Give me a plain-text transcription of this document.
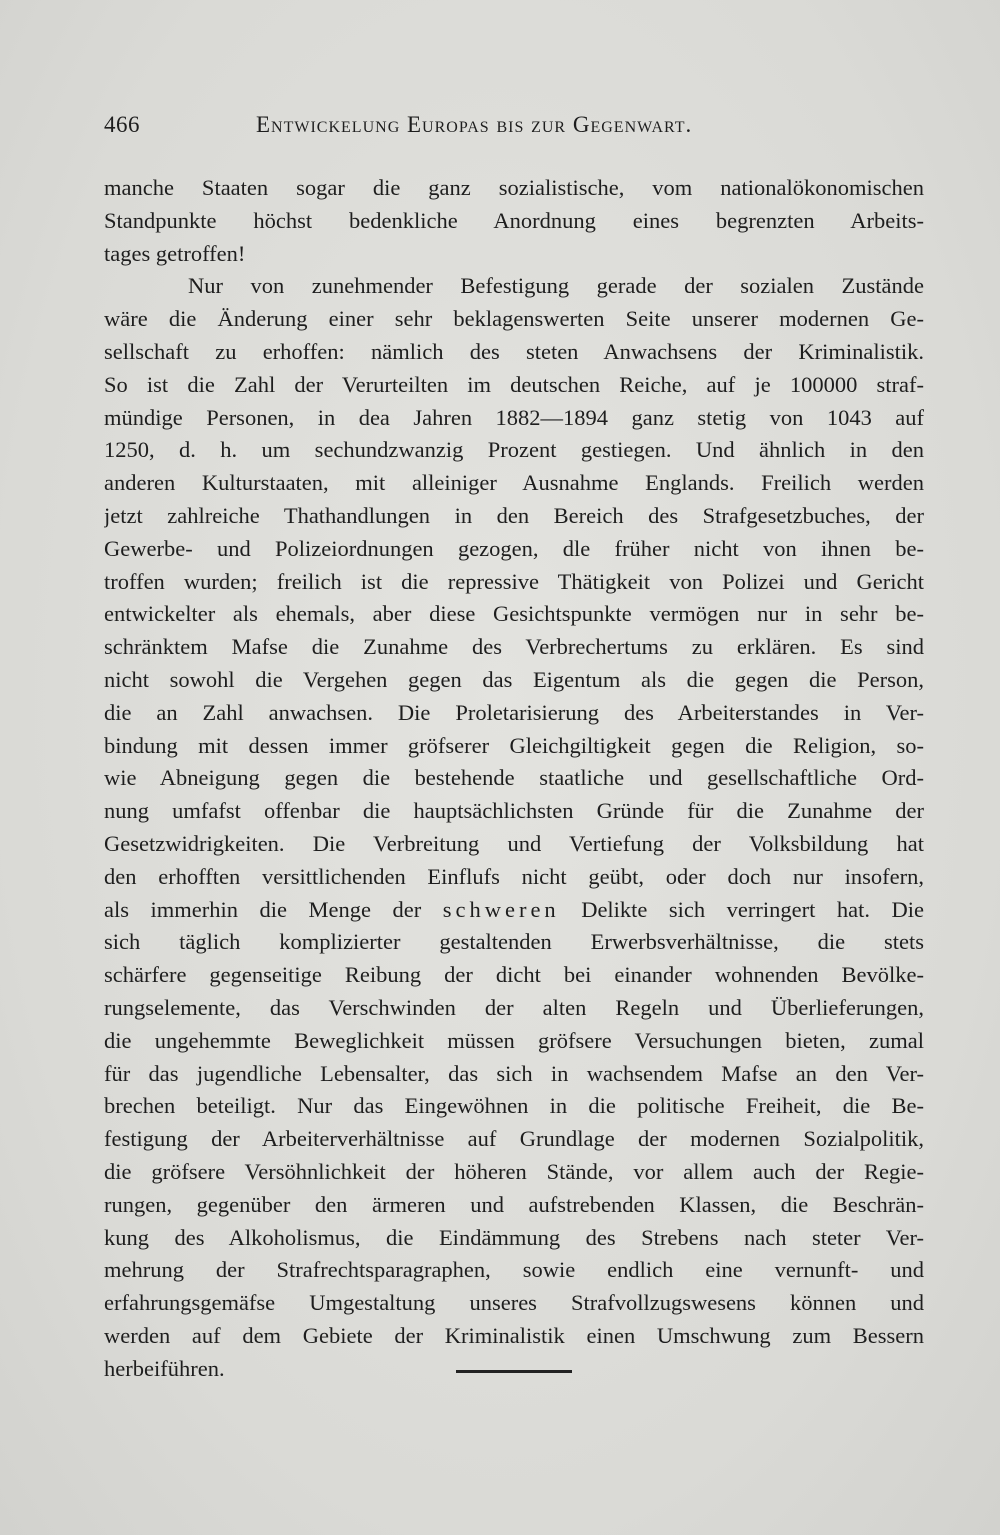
466	Entwickelung Europas bis zur Gegenwart.
manche Staaten sogar die ganz sozialistische, vom nationalökonomischen
Standpunkte höchst bedenkliche Anordnung eines begrenzten Arbeits-
tages getroffen!
Nur von zunehmender Befestigung gerade der sozialen Zustände
wäre die Änderung einer sehr beklagenswerten Seite unserer modernen Ge-
sellschaft zu erhoffen: nämlich des steten Anwachsens der Kriminalistik.
So ist die Zahl der Verurteilten im deutschen Reiche, auf je 100000 straf-
mündige Personen, in dea Jahren 1882—1894 ganz stetig von 1043 auf
1250, d. h. um sechundzwanzig Prozent gestiegen. Und ähnlich in den
anderen Kulturstaaten, mit alleiniger Ausnahme Englands. Freilich werden
jetzt zahlreiche Thathandlungen in den Bereich des Strafgesetzbuches, der
Gewerbe- und Polizeiordnungen gezogen, dle früher nicht von ihnen be-
troffen wurden; freilich ist die repressive Thätigkeit von Polizei und Gericht
entwickelter als ehemals, aber diese Gesichtspunkte vermögen nur in sehr be-
schränktem Mafse die Zunahme des Verbrechertums zu erklären. Es sind
nicht sowohl die Vergehen gegen das Eigentum als die gegen die Person,
die an Zahl anwachsen. Die Proletarisierung des Arbeiterstandes in Ver-
bindung mit dessen immer gröfserer Gleichgiltigkeit gegen die Religion, so-
wie Abneigung gegen die bestehende staatliche und gesellschaftliche Ord-
nung umfafst offenbar die hauptsächlichsten Gründe für die Zunahme der
Gesetzwidrigkeiten. Die Verbreitung und Vertiefung der Volksbildung hat
den erhofften versittlichenden Einflufs nicht geübt, oder doch nur insofern,
als immerhin die Menge der schweren Delikte sich verringert hat. Die
sich täglich komplizierter gestaltenden Erwerbsverhältnisse, die stets
schärfere gegenseitige Reibung der dicht bei einander wohnenden Bevölke-
rungselemente, das Verschwinden der alten Regeln und Überlieferungen,
die ungehemmte Beweglichkeit müssen gröfsere Versuchungen bieten, zumal
für das jugendliche Lebensalter, das sich in wachsendem Mafse an den Ver-
brechen beteiligt. Nur das Eingewöhnen in die politische Freiheit, die Be-
festigung der Arbeiterverhältnisse auf Grundlage der modernen Sozialpolitik,
die gröfsere Versöhnlichkeit der höheren Stände, vor allem auch der Regie-
rungen, gegenüber den ärmeren und aufstrebenden Klassen, die Beschrän-
kung des Alkoholismus, die Eindämmung des Strebens nach steter Ver-
mehrung der Strafrechtsparagraphen, sowie endlich eine vernunft- und
erfahrungsgemäfse Umgestaltung unseres Strafvollzugswesens können und
werden auf dem Gebiete der Kriminalistik einen Umschwung zum Bessern
herbeiführen.
